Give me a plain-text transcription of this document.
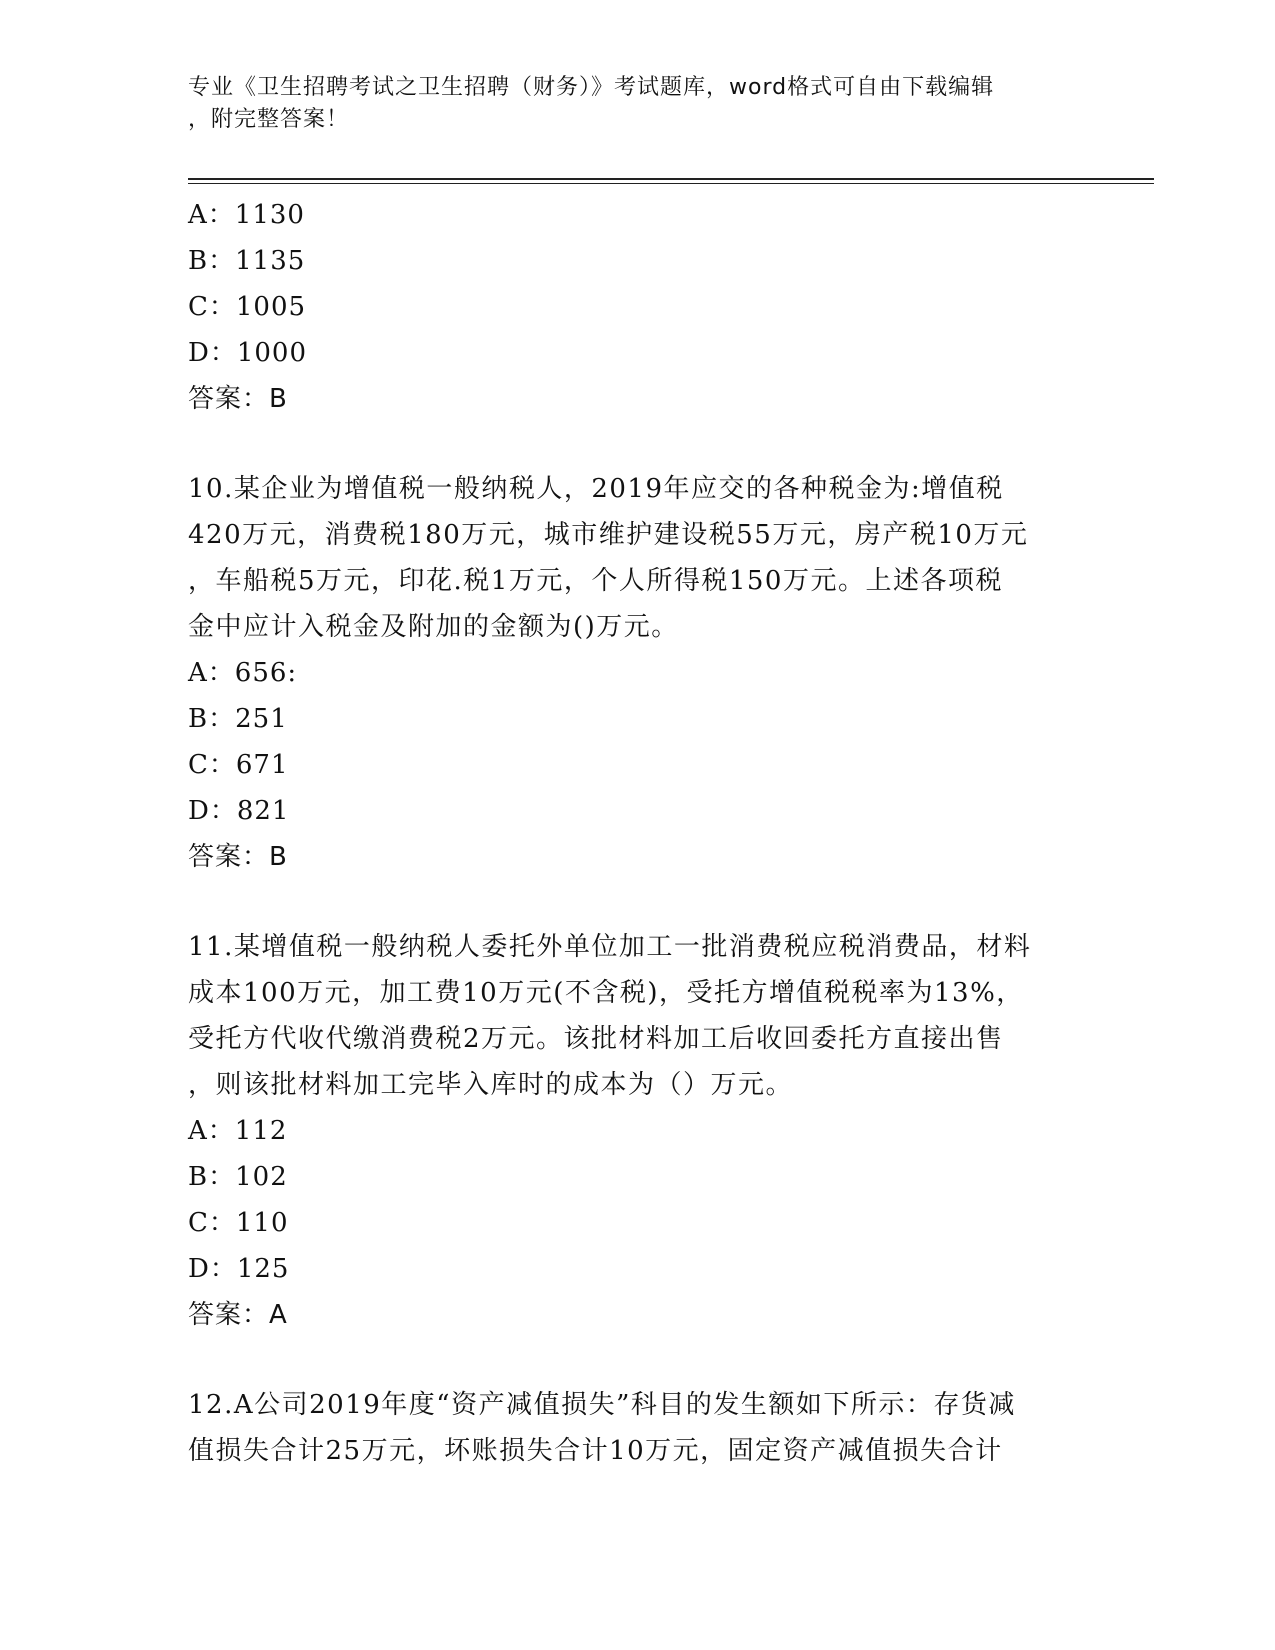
专业《卫生招聘考试之卫生招聘（财务）》考试题库，word格式可自由下载编辑
，附完整答案！
A：1130
B：1135
C：1005
D：1000
答案：B
10.某企业为增值税一般纳税人，2019年应交的各种税金为:增值税
420万元，消费税180万元，城市维护建设税55万元，房产税10万元
，车船税5万元，印花.税1万元，个人所得税150万元。上述各项税
金中应计入税金及附加的金额为()万元。
A：656:
B：251
C：671
D：821
答案：B
11.某增值税一般纳税人委托外单位加工一批消费税应税消费品，材料
成本100万元，加工费10万元(不含税)，受托方增值税税率为13%，
受托方代收代缴消费税2万元。该批材料加工后收回委托方直接出售
，则该批材料加工完毕入库时的成本为（）万元。
A：112
B：102
C：110
D：125
答案：A
12.A公司2019年度“资产减值损失”科目的发生额如下所示：存货减
值损失合计25万元，坏账损失合计10万元，固定资产减值损失合计
